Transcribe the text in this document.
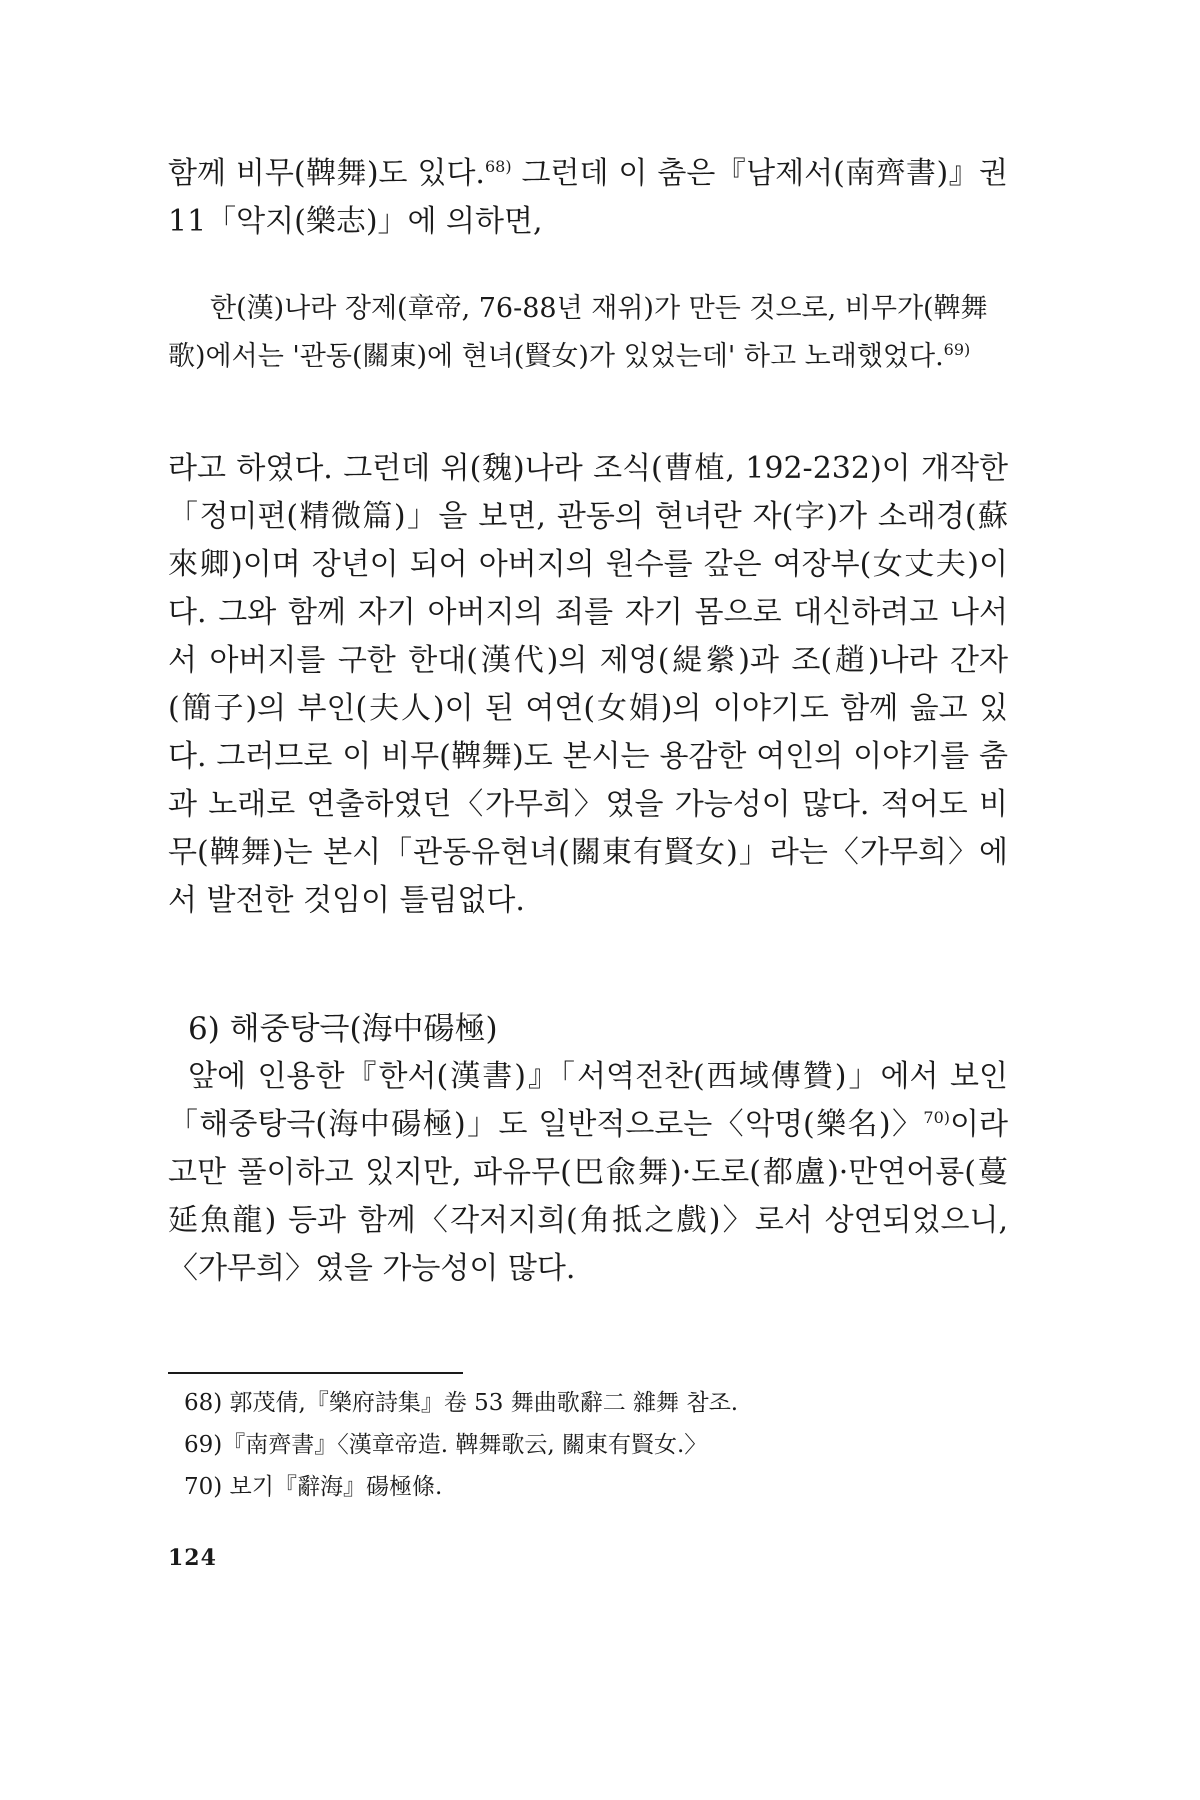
함께 비무(鞞舞)도 있다.$^{68)}$ 그런데 이 춤은『남제서(南齊書)』권 11「악지(樂志)」에 의하면,

한(漢)나라 장제(章帝, 76-88년 재위)가 만든 것으로, 비무가(鞞舞歌)에서는 '관동(關東)에 현녀(賢女)가 있었는데' 하고 노래했었다.$^{69)}$

라고 하였다. 그런데 위(魏)나라 조식(曹植, 192-232)이 개작한「정미편(精微篇)」을 보면, 관동의 현녀란 자(字)가 소래경(蘇來卿)이며 장년이 되어 아버지의 원수를 갚은 여장부(女丈夫)이다. 그와 함께 자기 아버지의 죄를 자기 몸으로 대신하려고 나서서 아버지를 구한 한대(漢代)의 제영(緹縈)과 조(趙)나라 간자(簡子)의 부인(夫人)이 된 여연(女娟)의 이야기도 함께 읊고 있다. 그러므로 이 비무(鞞舞)도 본시는 용감한 여인의 이야기를 춤과 노래로 연출하였던〈가무희〉였을 가능성이 많다. 적어도 비무(鞞舞)는 본시「관동유현녀(關東有賢女)」라는〈가무희〉에서 발전한 것임이 틀림없다.

6) 해중탕극(海中碭極)

앞에 인용한『한서(漢書)』「서역전찬(西域傳贊)」에서 보인「해중탕극(海中碭極)」도 일반적으로는〈악명(樂名)〉$^{70)}$이라고만 풀이하고 있지만, 파유무(巴兪舞)·도로(都盧)·만연어룡(蔓延魚龍) 등과 함께〈각저지희(角抵之戲)〉로서 상연되었으니,〈가무희〉였을 가능성이 많다.

68) 郭茂倩,『樂府詩集』卷 53 舞曲歌辭二 雜舞 참조.
69)『南齊書』〈漢章帝造. 鞞舞歌云, 關東有賢女.〉
70) 보기『辭海』碭極條.
124
